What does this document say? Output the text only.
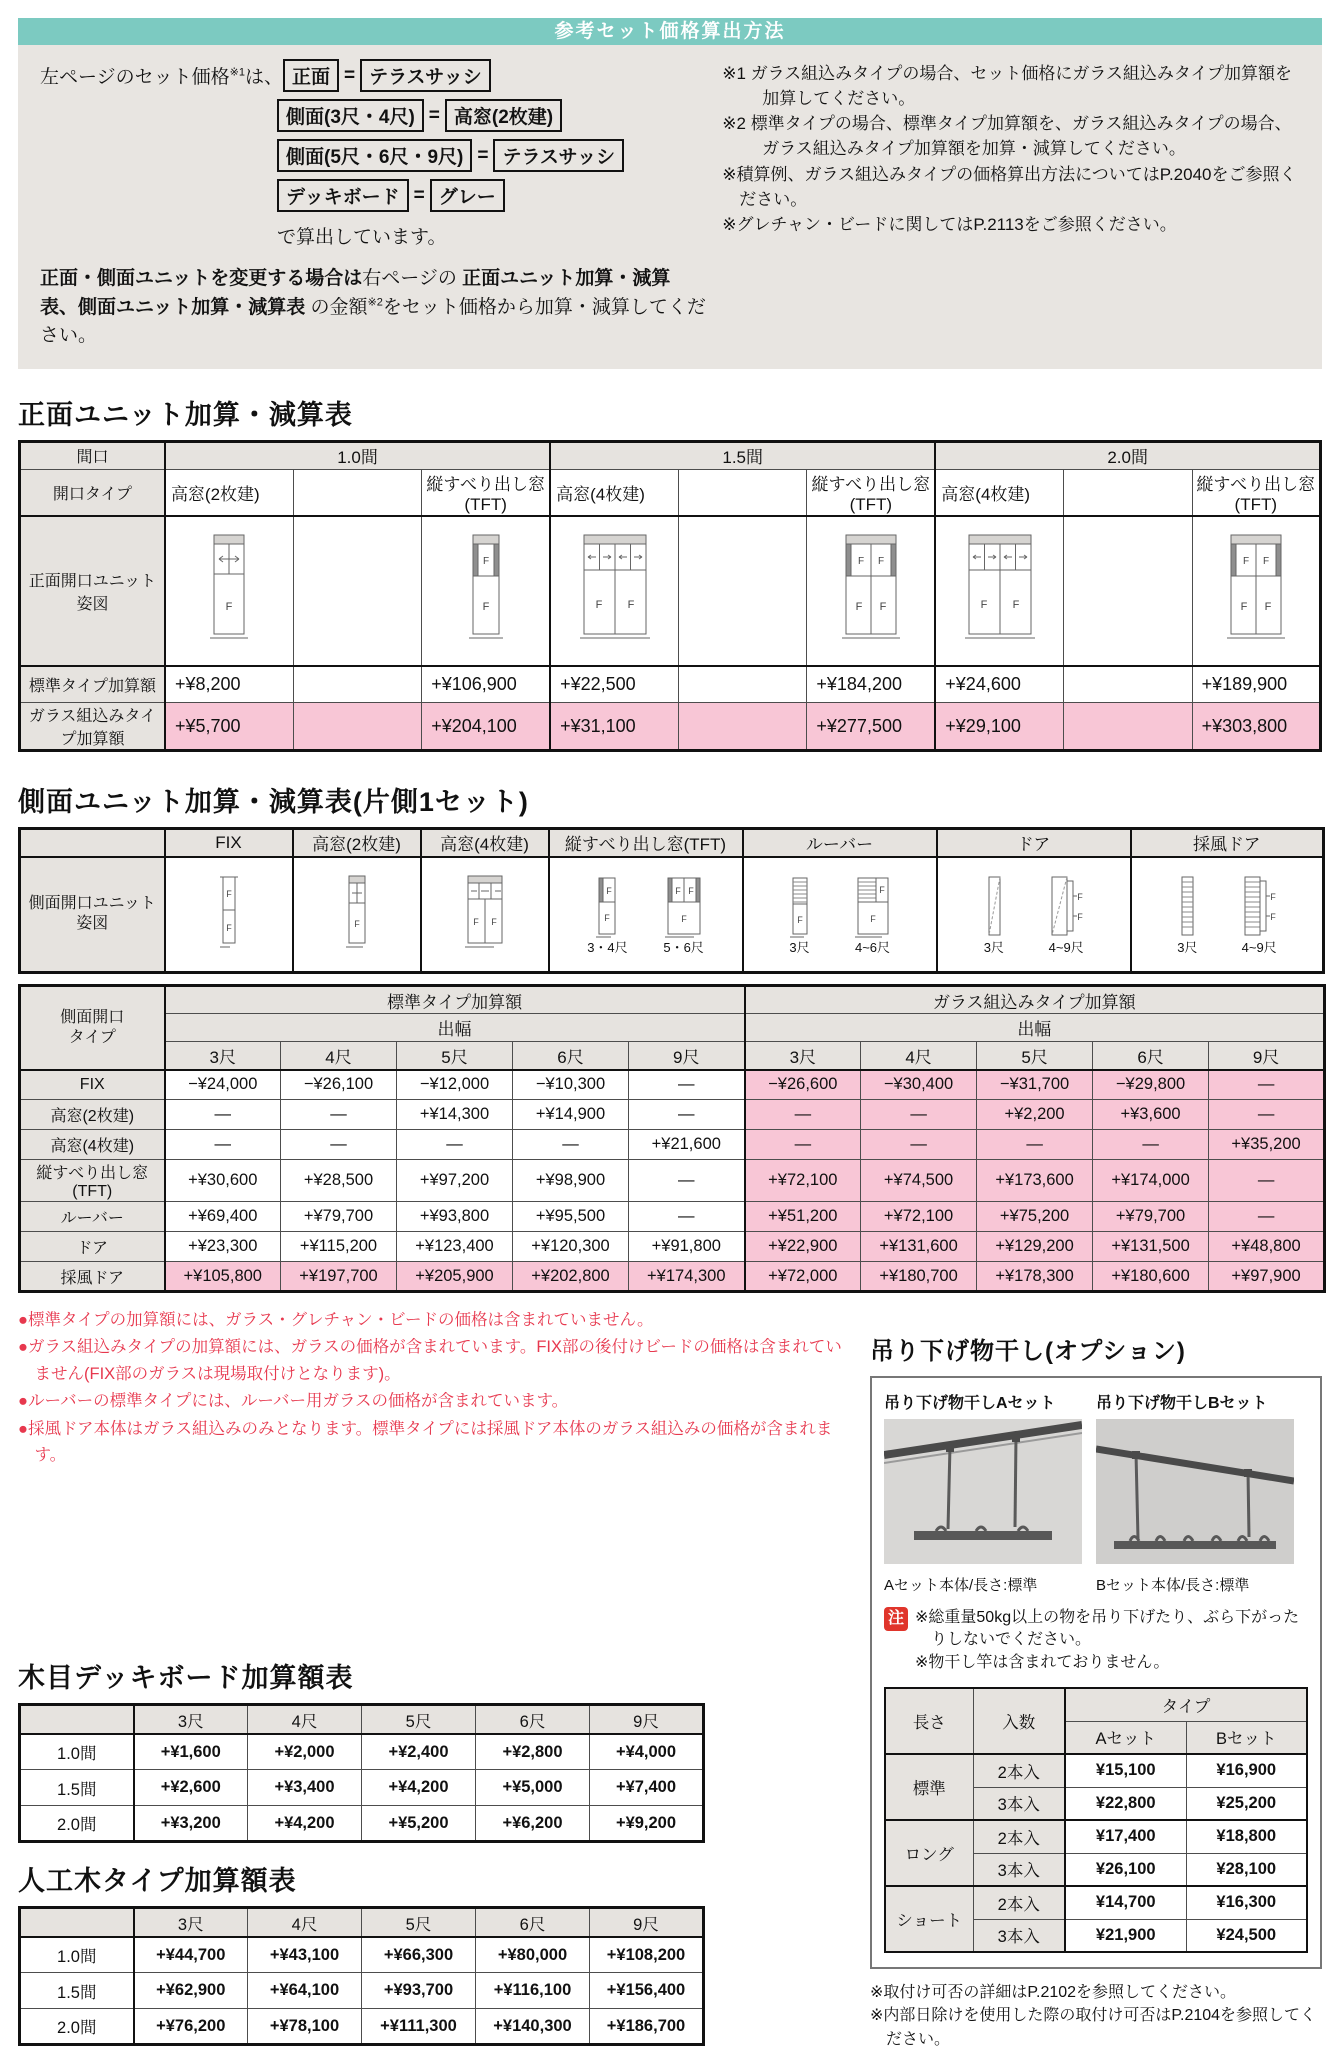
参考セット価格算出方法
左ページのセット価格$^{※1}$は、 正面 = テラスサッシ
側面(3尺・4尺) = 高窓(2枚建)
側面(5尺・6尺・9尺) = テラスサッシ
デッキボード = グレー
で算出しています。

正面・側面ユニットを変更する場合は右ページの 正面ユニット加算・減算表、側面ユニット加算・減算表 の金額$^{※2}$をセット価格から加算・減算してください。

※1 ガラス組込みタイプの場合、セット価格にガラス組込みタイプ加算額を加算してください。

※2 標準タイプの場合、標準タイプ加算額を、ガラス組込みタイプの場合、ガラス組込みタイプ加算額を加算・減算してください。

※積算例、ガラス組込みタイプの価格算出方法についてはP.2040をご参照ください。

※グレチャン・ビードに関してはP.2113をご参照ください。

正面ユニット加算・減算表
間口	1.0間			1.5間			2.0間		
開口タイプ	高窓(2枚建)		縦すべり出し窓(TFT)	高窓(4枚建)		縦すべり出し窓(TFT)	高窓(4枚建)		縦すべり出し窓(TFT)
正面開口ユニット姿図	F		F
F	F F		F F
F F	F F		F F
F F

標準タイプ加算額	+¥8,200		+¥106,900	+¥22,500		+¥184,200	+¥24,600		+¥189,900
ガラス組込みタイプ加算額	+¥5,700		+¥204,100	+¥31,100		+¥277,500	+¥29,100		+¥303,800
側面ユニット加算・減算表(片側1セット)
	FIX	高窓(2枚建)	高窓(4枚建)	縦すべり出し窓(TFT)	ルーバー	ドア	採風ドア

側面開口ユニット
姿図

F
F	F	F F

F
F
3・4尺
F F
F
5・6尺

F
3尺
F
F
4~6尺	3尺
F
F
4~9尺	3尺
F
F
4~9尺
側面開口
タイプ	標準タイプ加算額					ガラス組込みタイプ加算額				
	出幅					出幅				
	3尺	4尺	5尺	6尺	9尺	3尺	4尺	5尺	6尺	9尺
FIX	−¥24,000	−¥26,100	−¥12,000	−¥10,300	—	−¥26,600	−¥30,400	−¥31,700	−¥29,800	—
高窓(2枚建)	—	—	+¥14,300	+¥14,900	—	—	—	+¥2,200	+¥3,600	—
高窓(4枚建)	—	—	—	—	+¥21,600	—	—	—	—	+¥35,200
縦すべり出し窓(TFT)	+¥30,600	+¥28,500	+¥97,200	+¥98,900	—	+¥72,100	+¥74,500	+¥173,600	+¥174,000	—
ルーバー	+¥69,400	+¥79,700	+¥93,800	+¥95,500	—	+¥51,200	+¥72,100	+¥75,200	+¥79,700	—
ドア	+¥23,300	+¥115,200	+¥123,400	+¥120,300	+¥91,800	+¥22,900	+¥131,600	+¥129,200	+¥131,500	+¥48,800
採風ドア	+¥105,800	+¥197,700	+¥205,900	+¥202,800	+¥174,300	+¥72,000	+¥180,700	+¥178,300	+¥180,600	+¥97,900

●標準タイプの加算額には、ガラス・グレチャン・ビードの価格は含まれていません。

●ガラス組込みタイプの加算額には、ガラスの価格が含まれています。FIX部の後付けビードの価格は含まれていません(FIX部のガラスは現場取付けとなります)。

●ルーバーの標準タイプには、ルーバー用ガラスの価格が含まれています。

●採風ドア本体はガラス組込みのみとなります。標準タイプには採風ドア本体のガラス組込みの価格が含まれます。

木目デッキボード加算額表
	3尺	4尺	5尺	6尺	9尺
1.0間	+¥1,600	+¥2,000	+¥2,400	+¥2,800	+¥4,000
1.5間	+¥2,600	+¥3,400	+¥4,200	+¥5,000	+¥7,400
2.0間	+¥3,200	+¥4,200	+¥5,200	+¥6,200	+¥9,200
人工木タイプ加算額表
	3尺	4尺	5尺	6尺	9尺
1.0間	+¥44,700	+¥43,100	+¥66,300	+¥80,000	+¥108,200
1.5間	+¥62,900	+¥64,100	+¥93,700	+¥116,100	+¥156,400
2.0間	+¥76,200	+¥78,100	+¥111,300	+¥140,300	+¥186,700
吊り下げ物干し(オプション)
吊り下げ物干しAセット
Aセット本体/長さ:標準
吊り下げ物干しBセット
Bセット本体/長さ:標準
注 ※総重量50kg以上の物を吊り下げたり、ぶら下がったりしないでください。

※物干し竿は含まれておりません。

長さ	入数	タイプ	
		Aセット	Bセット
標準	2本入	¥15,100	¥16,900
	3本入	¥22,800	¥25,200
ロング	2本入	¥17,400	¥18,800
	3本入	¥26,100	¥28,100
ショート	2本入	¥14,700	¥16,300
	3本入	¥21,900	¥24,500

※取付け可否の詳細はP.2102を参照してください。

※内部日除けを使用した際の取付け可否はP.2104を参照してください。
